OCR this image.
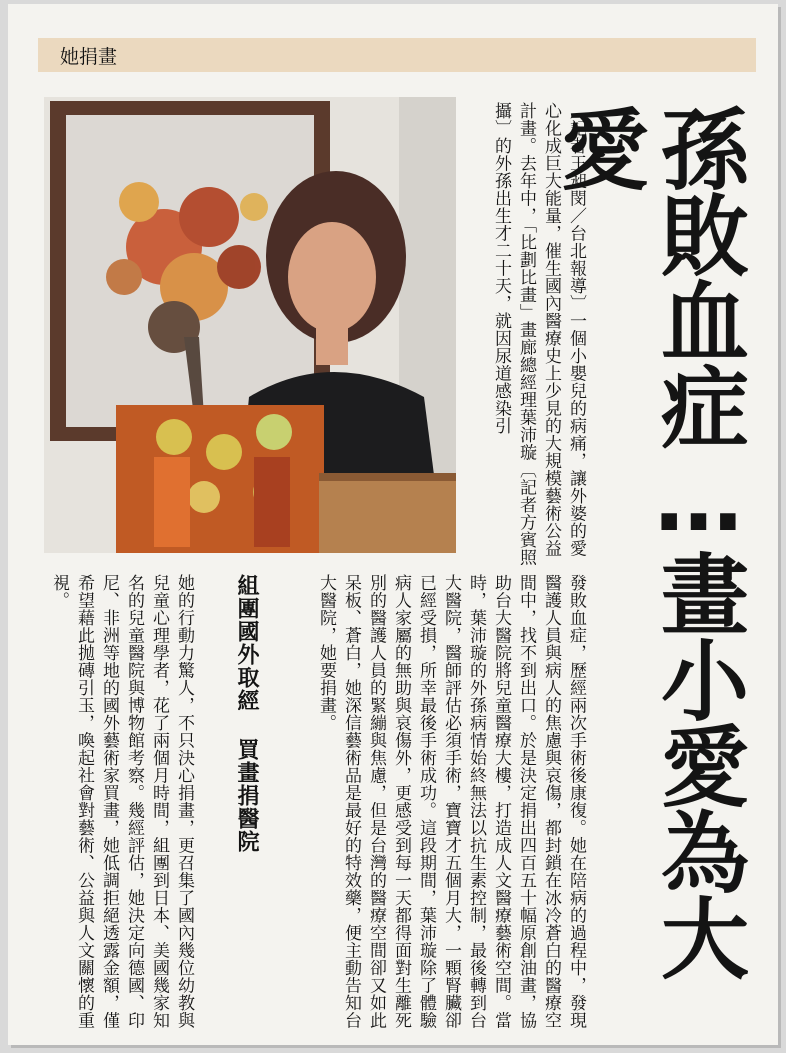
她捐畫
孫敗血症…畫小愛為大愛
〔記者王昶閔／台北報導〕一個小嬰兒的病痛，讓外婆的愛心化成巨大能量，催生國內醫療史上少見的大規模藝術公益計畫。去年中，「比劃比畫」畫廊總經理葉沛璇〔記者方賓照攝〕的外孫出生才二十天，就因尿道感染引
發敗血症，歷經兩次手術後康復。她在陪病的過程中，發現醫護人員與病人的焦慮與哀傷，都封鎖在冰冷蒼白的醫療空間中，找不到出口。於是決定捐出四百五十幅原創油畫，協助台大醫院將兒童醫療大樓，打造成人文醫療藝術空間。當時，葉沛璇的外孫病情始終無法以抗生素控制，最後轉到台大醫院，醫師評估必須手術，寶寶才五個月大，一顆腎臟卻已經受損，所幸最後手術成功。這段期間，葉沛璇除了體驗病人家屬的無助與哀傷外，更感受到每一天都得面對生離死別的醫護人員的緊繃與焦慮，但是台灣的醫療空間卻又如此呆板、蒼白，她深信藝術品是最好的特效藥，便主動告知台大醫院，她要捐畫。
組團國外取經 買畫捐醫院
她的行動力驚人，不只決心捐畫，更召集了國內幾位幼教與兒童心理學者，花了兩個月時間，組團到日本、美國幾家知名的兒童醫院與博物館考察。幾經評估，她決定向德國、印尼、非洲等地的國外藝術家買畫，她低調拒絕透露金額，僅希望藉此拋磚引玉，喚起社會對藝術、公益與人文關懷的重視。
